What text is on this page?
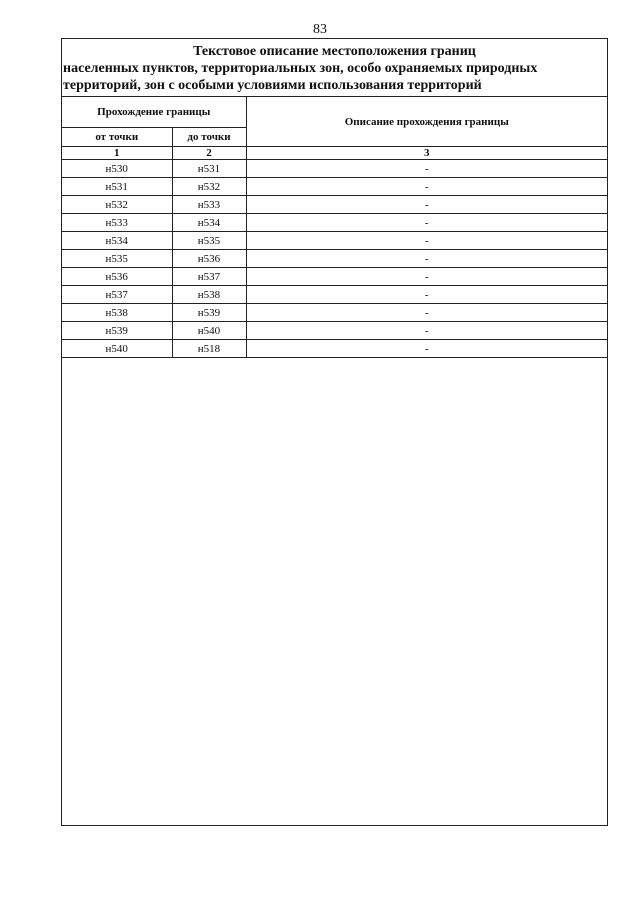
83
Текстовое описание местоположения границ
населенных пунктов, территориальных зон, особо охраняемых природных
территорий, зон с особыми условиями использования территорий
Прохождение границы		Описание прохождения границы
от точки	до точки	
1	2	3
н530	н531	-
н531	н532	-
н532	н533	-
н533	н534	-
н534	н535	-
н535	н536	-
н536	н537	-
н537	н538	-
н538	н539	-
н539	н540	-
н540	н518	-
